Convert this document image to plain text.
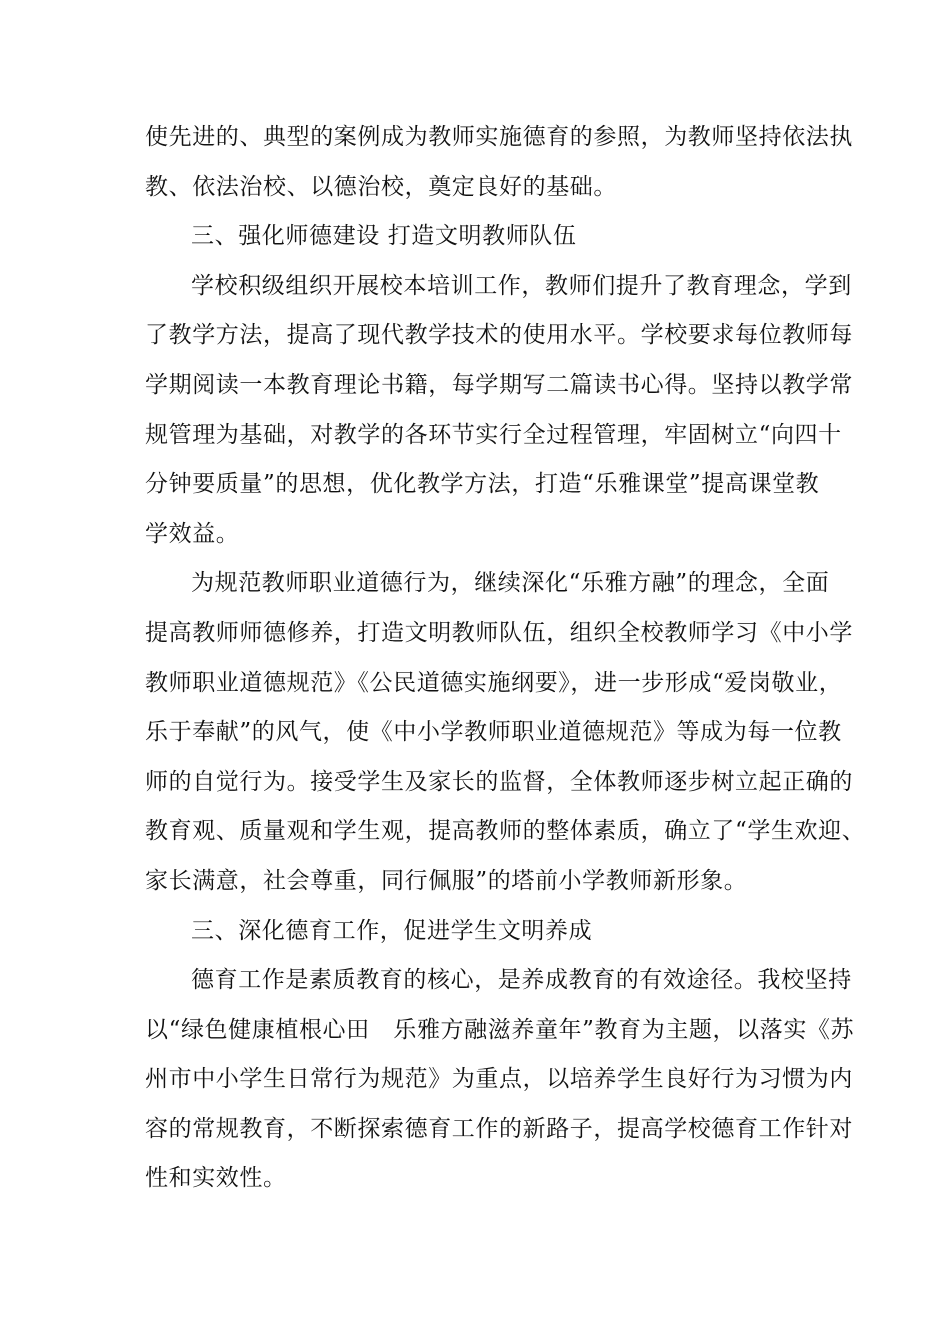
使先进的、典型的案例成为教师实施德育的参照，为教师坚持依法执
教、依法治校、以德治校，奠定良好的基础。
三、强化师德建设 打造文明教师队伍
学校积级组织开展校本培训工作，教师们提升了教育理念，学到
了教学方法，提高了现代教学技术的使用水平。学校要求每位教师每
学期阅读一本教育理论书籍，每学期写二篇读书心得。坚持以教学常
规管理为基础，对教学的各环节实行全过程管理，牢固树立“向四十
分钟要质量”的思想，优化教学方法，打造“乐雅课堂”提高课堂教
学效益。
为规范教师职业道德行为，继续深化“乐雅方融”的理念，全面
提高教师师德修养，打造文明教师队伍，组织全校教师学习《中小学
教师职业道德规范》《公民道德实施纲要》，进一步形成“爱岗敬业，
乐于奉献”的风气，使《中小学教师职业道德规范》等成为每一位教
师的自觉行为。接受学生及家长的监督，全体教师逐步树立起正确的
教育观、质量观和学生观，提高教师的整体素质，确立了“学生欢迎、
家长满意，社会尊重，同行佩服”的塔前小学教师新形象。
三、深化德育工作，促进学生文明养成
德育工作是素质教育的核心，是养成教育的有效途径。我校坚持
以“绿色健康植根心田　乐雅方融滋养童年”教育为主题，以落实《苏
州市中小学生日常行为规范》为重点，以培养学生良好行为习惯为内
容的常规教育，不断探索德育工作的新路子，提高学校德育工作针对
性和实效性。
